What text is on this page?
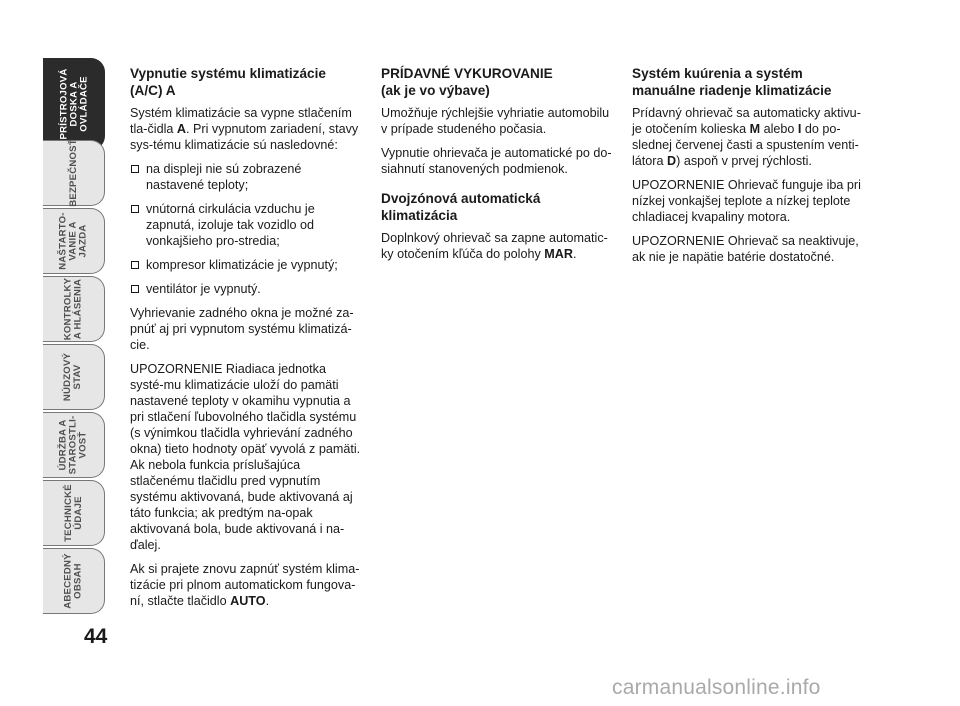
PRÍSTROJOVÁ
DOSKA A
OVLÁDAČE
BEZPEČNOSŤ
NAŠTARTO-
VANIE A
JAZDA
KONTROLKY
A HLÁSENIA
NÚDZOVÝ
STAV
ÚDRŽBA A
STAROSTLI-
VOSŤ
TECHNICKÉ
ÚDAJE
ABECEDNÝ
OBSAH
44
Vypnutie systému klimatizácie
(A/C) A

Systém klimatizácie sa vypne stlačením tla-čidla A. Pri vypnutom zariadení, stavy sys-tému klimatizácie sú nasledovné:

na displeji nie sú zobrazené nastavené teploty;
vnútorná cirkulácia vzduchu je zapnutá, izoluje tak vozidlo od vonkajšieho pro-stredia;
kompresor klimatizácie je vypnutý;
ventilátor je vypnutý.

Vyhrievanie zadného okna je možné za-pnúť aj pri vypnutom systému klimatizá-cie.

UPOZORNENIE Riadiaca jednotka systé-mu klimatizácie uloží do pamäti nastavené teploty v okamihu vypnutia a pri stlačení ľubovolného tlačidla systému (s výnimkou tlačidla vyhrievání zadného okna) tieto hodnoty opäť vyvolá z pamäti. Ak nebola funkcia príslušajúca stlačenému tlačidlu pred vypnutím systému aktivovaná, bude aktivovaná aj táto funkcia; ak predtým na-opak aktivovaná bola, bude aktivovaná i na-ďalej.

Ak si prajete znovu zapnúť systém klima-tizácie pri plnom automatickom fungova-ní, stlačte tlačidlo AUTO.

PRÍDAVNÉ VYKUROVANIE
(ak je vo výbave)

Umožňuje rýchlejšie vyhriatie automobilu v prípade studeného počasia.

Vypnutie ohrievača je automatické po do-siahnutí stanovených podmienok.

Dvojzónová automatická
klimatizácia

Doplnkový ohrievač sa zapne automatic-ky otočením kľúča do polohy MAR.

Systém kuúrenia a systém
manuálne riadenje klimatizácie

Prídavný ohrievač sa automaticky aktivu-je otočením kolieska M alebo I do po-slednej červenej časti a spustením venti-látora D) aspoň v prvej rýchlosti.

UPOZORNENIE Ohrievač funguje iba pri nízkej vonkajšej teplote a nízkej teplote chladiacej kvapaliny motora.

UPOZORNENIE Ohrievač sa neaktivuje, ak nie je napätie batérie dostatočné.

carmanualsonline.info
